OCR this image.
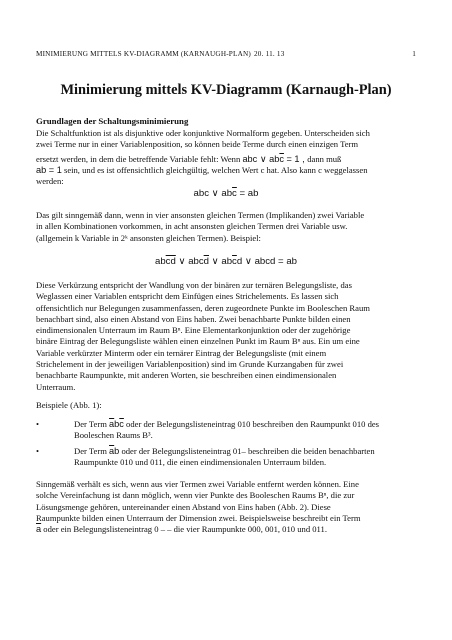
MINIMIERUNG MITTELS KV-DIAGRAMM (KARNAUGH-PLAN) 20. 11. 13	1
Minimierung mittels KV-Diagramm (Karnaugh-Plan)
Grundlagen der Schaltungsminimierung

Die Schaltfunktion ist als disjunktive oder konjunktive Normalform gegeben. Unterscheiden sich

zwei Terme nur in einer Variablenposition, so können beide Terme durch einen einzigen Term

ersetzt werden, in dem die betreffende Variable fehlt: Wenn abc ∨ $ab\overline{c} = 1$ , dann muß

ab = 1 sein, und es ist offensichtlich gleichgültig, welchen Wert c hat. Also kann c weggelassen

werden:

abc ∨ $ab\overline{c}$ = ab

Das gilt sinngemäß dann, wenn in vier ansonsten gleichen Termen (Implikanden) zwei Variable

in allen Kombinationen vorkommen, in acht ansonsten gleichen Termen drei Variable usw.

(allgemein k Variable in 2ᵏ ansonsten gleichen Termen). Beispiel:

$ab\overline{cd}$ ∨ $abc\overline{d}$ ∨ $ab\overline{c}d$ ∨ abcd = ab

Diese Verkürzung entspricht der Wandlung von der binären zur ternären Belegungsliste, das

Weglassen einer Variablen entspricht dem Einfügen eines Strichelements. Es lassen sich

offensichtlich nur Belegungen zusammenfassen, deren zugeordnete Punkte im Booleschen Raum

benachbart sind, also einen Abstand von Eins haben. Zwei benachbarte Punkte bilden einen

eindimensionalen Unterraum im Raum Bⁿ. Eine Elementarkonjunktion oder der zugehörige

binäre Eintrag der Belegungsliste wählen einen einzelnen Punkt im Raum Bⁿ aus. Ein um eine

Variable verkürzter Minterm oder ein ternärer Eintrag der Belegungsliste (mit einem

Strichelement in der jeweiligen Variablenposition) sind im Grunde Kurzangaben für zwei

benachbarte Raumpunkte, mit anderen Worten, sie beschreiben einen eindimensionalen

Unterraum.

Beispiele (Abb. 1):
•	Der Term $\overline{a}b\overline{c}$ oder der Belegungslisteneintrag 010 beschreiben den Raumpunkt 010 des
Booleschen Raums B³.
•	Der Term $\overline{a}b$ oder der Belegungslisteneintrag 01– beschreiben die beiden benachbarten
Raumpunkte 010 und 011, die einen eindimensionalen Unterraum bilden.

Sinngemäß verhält es sich, wenn aus vier Termen zwei Variable entfernt werden können. Eine

solche Vereinfachung ist dann möglich, wenn vier Punkte des Booleschen Raums Bⁿ, die zur

Lösungsmenge gehören, untereinander einen Abstand von Eins haben (Abb. 2). Diese

Raumpunkte bilden einen Unterraum der Dimension zwei. Beispielsweise beschreibt ein Term

$\overline{a}$ oder ein Belegungslisteneintrag 0 – – die vier Raumpunkte 000, 001, 010 und 011.
